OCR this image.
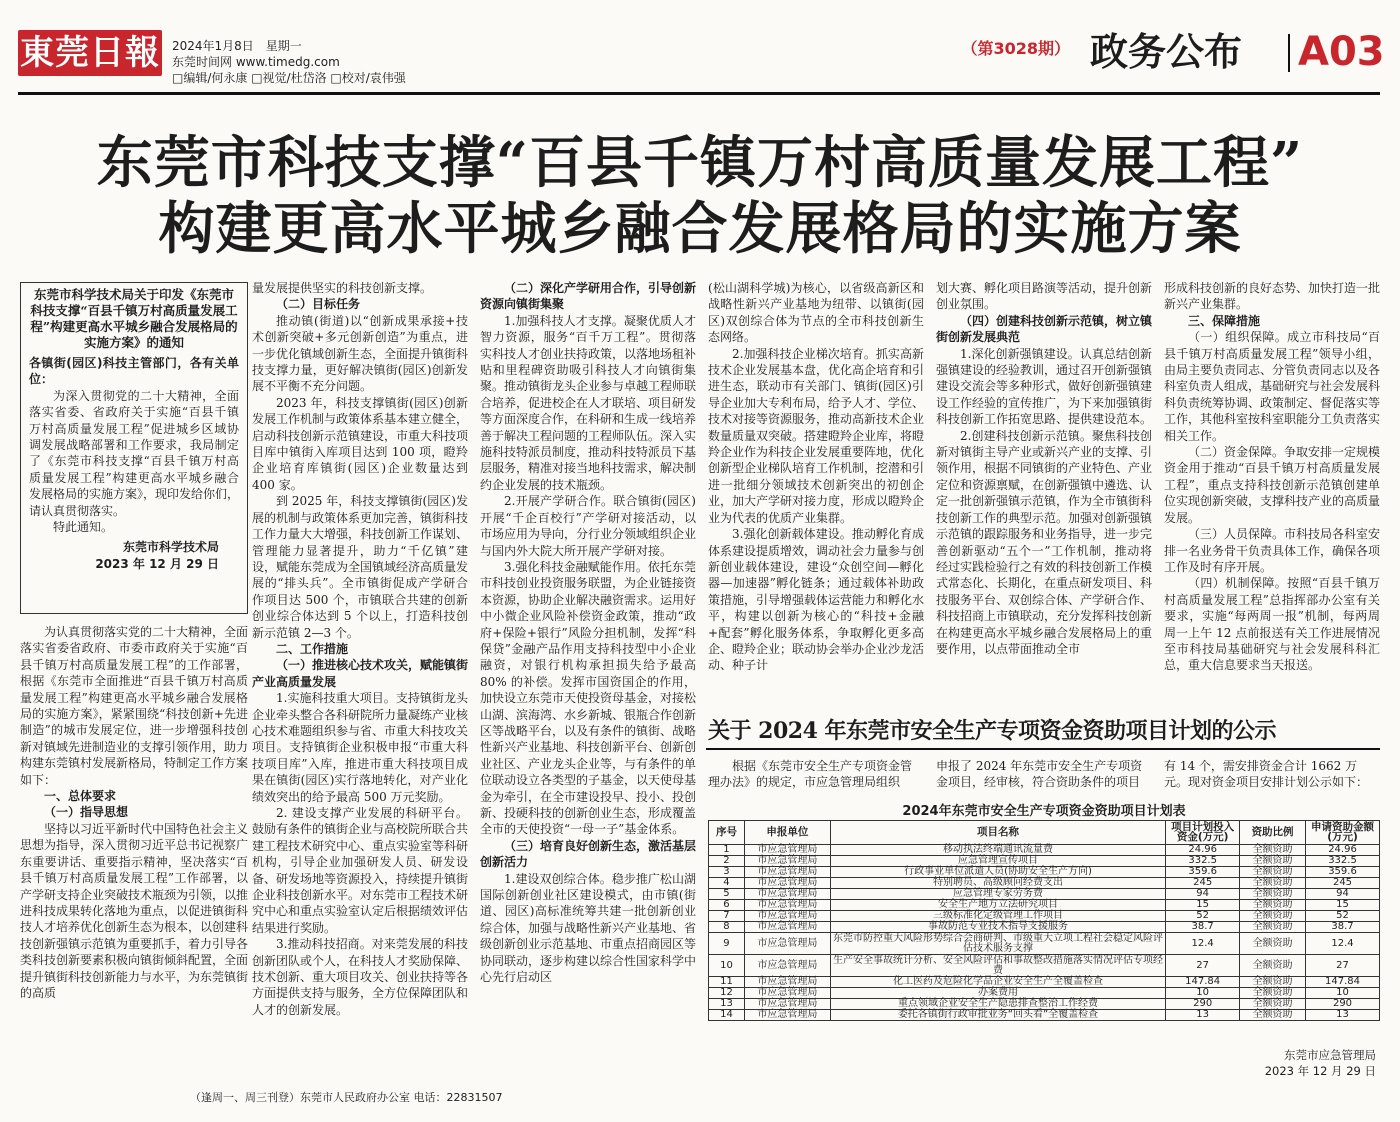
東莞日報 2024年1月8日　星期一
东莞时间网 www.timedg.com
□编辑/何永康 □视觉/杜岱洛 □校对/袁伟强
（第3028期） 政务公布 A03
东莞市科技支撑“百县千镇万村高质量发展工程”
构建更高水平城乡融合发展格局的实施方案
东莞市科学技术局关于印发《东莞市科技支撑“百县千镇万村高质量发展工程”构建更高水平城乡融合发展格局的实施方案》的通知
各镇街(园区)科技主管部门，各有关单位：

为深入贯彻党的二十大精神，全面落实省委、省政府关于实施“百县千镇万村高质量发展工程”促进城乡区域协调发展战略部署和工作要求，我局制定了《东莞市科技支撑“百县千镇万村高质量发展工程”构建更高水平城乡融合发展格局的实施方案》，现印发给你们，请认真贯彻落实。

特此通知。

东莞市科学技术局
2023 年 12 月 29 日

为认真贯彻落实党的二十大精神，全面落实省委省政府、市委市政府关于实施“百县千镇万村高质量发展工程”的工作部署，根据《东莞市全面推进“百县千镇万村高质量发展工程”构建更高水平城乡融合发展格局的实施方案》，紧紧围绕“科技创新+先进制造”的城市发展定位，进一步增强科技创新对镇域先进制造业的支撑引领作用，助力构建东莞镇村发展新格局，特制定工作方案如下：

一、总体要求
（一）指导思想

坚持以习近平新时代中国特色社会主义思想为指导，深入贯彻习近平总书记视察广东重要讲话、重要指示精神，坚决落实“百县千镇万村高质量发展工程”工作部署，以产学研支持企业突破技术瓶颈为引领，以推进科技成果转化落地为重点，以促进镇街科技人才培养优化创新生态为根本，以创建科技创新强镇示范镇为重要抓手，着力引导各类科技创新要素积极向镇街倾斜配置，全面提升镇街科技创新能力与水平，为东莞镇街的高质

量发展提供坚实的科技创新支撑。

（二）目标任务

推动镇(街道)以“创新成果承接+技术创新突破+多元创新创造”为重点，进一步优化镇域创新生态，全面提升镇街科技支撑力量，更好解决镇街(园区)创新发展不平衡不充分问题。

2023 年，科技支撑镇街(园区)创新发展工作机制与政策体系基本建立健全，启动科技创新示范镇建设，市重大科技项目库中镇街入库项目达到 100 项，瞪羚企业培育库镇街(园区)企业数量达到 400 家。

到 2025 年，科技支撑镇街(园区)发展的机制与政策体系更加完善，镇街科技工作力量大大增强，科技创新工作谋划、管理能力显著提升，助力“千亿镇”建设，赋能东莞成为全国镇域经济高质量发展的“排头兵”。全市镇街促成产学研合作项目达 500 个，市镇联合共建的创新创业综合体达到 5 个以上，打造科技创新示范镇 2—3 个。

二、工作措施

（一）推进核心技术攻关，赋能镇街产业高质量发展

1.实施科技重大项目。支持镇街龙头企业牵头整合各科研院所力量凝练产业核心技术难题组织参与省、市重大科技攻关项目。支持镇街企业积极申报“市重大科技项目库”入库，推进市重大科技项目成果在镇街(园区)实行落地转化，对产业化绩效突出的给予最高 500 万元奖励。

2. 建设支撑产业发展的科研平台。鼓励有条件的镇街企业与高校院所联合共建工程技术研究中心、重点实验室等科研机构，引导企业加强研发人员、研发设备、研发场地等资源投入，持续提升镇街企业科技创新水平。对东莞市工程技术研究中心和重点实验室认定后根据绩效评估结果进行奖励。

3.推动科技招商。对来莞发展的科技创新团队或个人，在科技人才奖励保障、技术创新、重大项目攻关、创业扶持等各方面提供支持与服务，全方位保障团队和人才的创新发展。

（二）深化产学研用合作，引导创新资源向镇街集聚

1.加强科技人才支撑。凝聚优质人才智力资源，服务“百千万工程”。贯彻落实科技人才创业扶持政策，以落地场租补贴和里程碑资助吸引科技人才向镇街集聚。推动镇街龙头企业参与卓越工程师联合培养，促进校企在人才联培、项目研发等方面深度合作，在科研和生成一线培养善于解决工程问题的工程师队伍。深入实施科技特派员制度，推动科技特派员下基层服务，精准对接当地科技需求，解决制约企业发展的技术瓶颈。

2.开展产学研合作。联合镇街(园区)开展“千企百校行”产学研对接活动，以市场应用为导向，分行业分领域组织企业与国内外大院大所开展产学研对接。

3.强化科技金融赋能作用。依托东莞市科技创业投资服务联盟，为企业链接资本资源，协助企业解决融资需求。运用好中小微企业风险补偿资金政策，推动“政府+保险+银行”风险分担机制，发挥“科保贷”金融产品作用支持科技型中小企业融资，对银行机构承担损失给予最高 80% 的补偿。发挥市国资国企的作用，加快设立东莞市天使投资母基金，对接松山湖、滨海湾、水乡新城、银瓶合作创新区等战略平台，以及有条件的镇街、战略性新兴产业基地、科技创新平台、创新创业社区、产业龙头企业等，与有条件的单位联动设立各类型的子基金，以天使母基金为牵引，在全市建设投早、投小、投创新、投硬科技的创新创业生态，形成覆盖全市的天使投资“一母一子”基金体系。

（三）培育良好创新生态，激活基层创新活力

1.建设双创综合体。稳步推广松山湖国际创新创业社区建设模式，由市镇(街道、园区)高标准统筹共建一批创新创业综合体，加强与战略性新兴产业基地、省级创新创业示范基地、市重点招商园区等协同联动，逐步构建以综合性国家科学中心先行启动区

(松山湖科学城)为核心，以省级高新区和战略性新兴产业基地为纽带、以镇街(园区)双创综合体为节点的全市科技创新生态网络。

2.加强科技企业梯次培育。抓实高新技术企业发展基本盘，优化高企培育和引进生态，联动市有关部门、镇街(园区)引导企业加大专利布局，给予人才、学位、技术对接等资源服务，推动高新技术企业数量质量双突破。搭建瞪羚企业库，将瞪羚企业作为科技企业发展重要阵地，优化创新型企业梯队培育工作机制，挖潜和引进一批细分领域技术创新突出的初创企业，加大产学研对接力度，形成以瞪羚企业为代表的优质产业集群。

3.强化创新载体建设。推动孵化育成体系建设提质增效，调动社会力量参与创新创业载体建设，建设“众创空间—孵化器—加速器”孵化链条；通过载体补助政策措施，引导增强载体运营能力和孵化水平，构建以创新为核心的“科技+金融+配套”孵化服务体系，争取孵化更多高企、瞪羚企业；联动协会举办企业沙龙活动、种子计

划大赛、孵化项目路演等活动，提升创新创业氛围。

（四）创建科技创新示范镇，树立镇街创新发展典范

1.深化创新强镇建设。认真总结创新强镇建设的经验教训，通过召开创新强镇建设交流会等多种形式，做好创新强镇建设工作经验的宣传推广，为下来加强镇街科技创新工作拓宽思路、提供建设范本。

2.创建科技创新示范镇。聚焦科技创新对镇街主导产业或新兴产业的支撑、引领作用，根据不同镇街的产业特色、产业定位和资源禀赋，在创新强镇中遴选、认定一批创新强镇示范镇，作为全市镇街科技创新工作的典型示范。加强对创新强镇示范镇的跟踪服务和业务指导，进一步完善创新驱动“五个一”工作机制，推动将经过实践检验行之有效的科技创新工作模式常态化、长期化，在重点研发项目、科技服务平台、双创综合体、产学研合作、科技招商上市镇联动，充分发挥科技创新在构建更高水平城乡融合发展格局上的重要作用，以点带面推动全市

形成科技创新的良好态势、加快打造一批新兴产业集群。

三、保障措施

（一）组织保障。成立市科技局“百县千镇万村高质量发展工程”领导小组，由局主要负责同志、分管负责同志以及各科室负责人组成，基础研究与社会发展科科负责统筹协调、政策制定、督促落实等工作，其他科室按科室职能分工负责落实相关工作。

（二）资金保障。争取安排一定规模资金用于推动“百县千镇万村高质量发展工程”，重点支持科技创新示范镇创建单位实现创新突破，支撑科技产业的高质量发展。

（三）人员保障。市科技局各科室安排一名业务骨干负责具体工作，确保各项工作及时有序开展。

（四）机制保障。按照“百县千镇万村高质量发展工程”总指挥部办公室有关要求，实施“每两周一报”机制，每两周周一上午 12 点前报送有关工作进展情况至市科技局基础研究与社会发展科科汇总，重大信息要求当天报送。

（逢周一、周三刊登）东莞市人民政府办公室 电话：22831507
关于 2024 年东莞市安全生产专项资金资助项目计划的公示
根据《东莞市安全生产专项资金管理办法》的规定，市应急管理局组织
申报了 2024 年东莞市安全生产专项资金项目，经审核，符合资助条件的项目
有 14 个，需安排资金合计 1662 万元。现对资金项目安排计划公示如下：
2024年东莞市安全生产专项资金资助项目计划表
序号	申报单位	项目名称	项目计划投入资金(万元)	资助比例	申请资助金额(万元)
1	市应急管理局	移动执法终端通讯流量费	24.96	全额资助	24.96
2	市应急管理局	应急管理宣传项目	332.5	全额资助	332.5
3	市应急管理局	行政事业单位派遣人员(协助安全生产方向)	359.6	全额资助	359.6
4	市应急管理局	特别聘员、高级顾问经费支出	245	全额资助	245
5	市应急管理局	应急管理专家劳务费	94	全额资助	94
6	市应急管理局	安全生产地方立法研究项目	15	全额资助	15
7	市应急管理局	三级标准化定级管理工作项目	52	全额资助	52
8	市应急管理局	事故防范专业技术指导支援服务	38.7	全额资助	38.7
9	市应急管理局	东莞市防控重大风险形势综合会商研判、市级重大立项工程社会稳定风险评估技术服务支撑	12.4	全额资助	12.4
10	市应急管理局	生产安全事故统计分析、安全风险评估和事故整改措施落实情况评估专项经费	27	全额资助	27
11	市应急管理局	化工医药及危险化学品企业安全生产全覆盖检查	147.84	全额资助	147.84
12	市应急管理局	办案费用	10	全额资助	10
13	市应急管理局	重点领域企业安全生产隐患排查整治工作经费	290	全额资助	290
14	市应急管理局	委托各镇街行政审批业务“回头看”全覆盖检查	13	全额资助	13
东莞市应急管理局
2023 年 12 月 29 日
